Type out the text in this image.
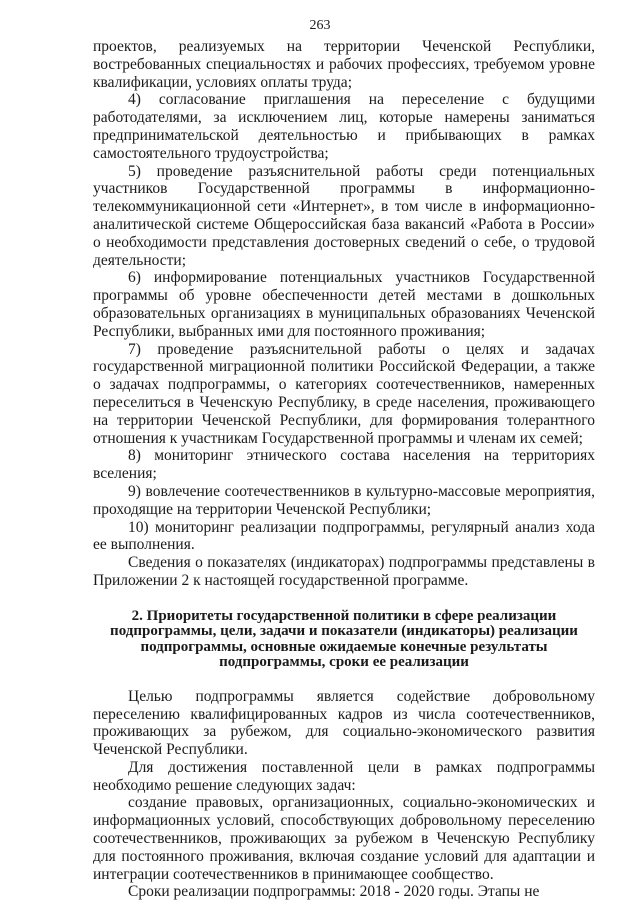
263

проектов, реализуемых на территории Чеченской Республики, востребованных специальностях и рабочих профессиях, требуемом уровне квалификации, условиях оплаты труда;

4) согласование приглашения на переселение с будущими работодателями, за исключением лиц, которые намерены заниматься предпринимательской деятельностью и прибывающих в рамках самостоятельного трудоустройства;

5) проведение разъяснительной работы среди потенциальных участников Государственной программы в информационно-телекоммуникационной сети «Интернет», в том числе в информационно-аналитической системе Общероссийская база вакансий «Работа в России» о необходимости представления достоверных сведений о себе, о трудовой деятельности;

6) информирование потенциальных участников Государственной программы об уровне обеспеченности детей местами в дошкольных образовательных организациях в муниципальных образованиях Чеченской Республики, выбранных ими для постоянного проживания;

7) проведение разъяснительной работы о целях и задачах государственной миграционной политики Российской Федерации, а также о задачах подпрограммы, о категориях соотечественников, намеренных переселиться в Чеченскую Республику, в среде населения, проживающего на территории Чеченской Республики, для формирования толерантного отношения к участникам Государственной программы и членам их семей;

8) мониторинг этнического состава населения на территориях вселения;

9) вовлечение соотечественников в культурно-массовые мероприятия, проходящие на территории Чеченской Республики;

10) мониторинг реализации подпрограммы, регулярный анализ хода ее выполнения.

Сведения о показателях (индикаторах) подпрограммы представлены в Приложении 2 к настоящей государственной программе.

2. Приоритеты государственной политики в сфере реализации подпрограммы, цели, задачи и показатели (индикаторы) реализации подпрограммы, основные ожидаемые конечные результаты подпрограммы, сроки ее реализации

Целью подпрограммы является содействие добровольному переселению квалифицированных кадров из числа соотечественников, проживающих за рубежом, для социально-экономического развития Чеченской Республики.

Для достижения поставленной цели в рамках подпрограммы необходимо решение следующих задач:

создание правовых, организационных, социально-экономических и информационных условий, способствующих добровольному переселению соотечественников, проживающих за рубежом в Чеченскую Республику для постоянного проживания, включая создание условий для адаптации и интеграции соотечественников в принимающее сообщество.

Сроки реализации подпрограммы: 2018 - 2020 годы. Этапы не
